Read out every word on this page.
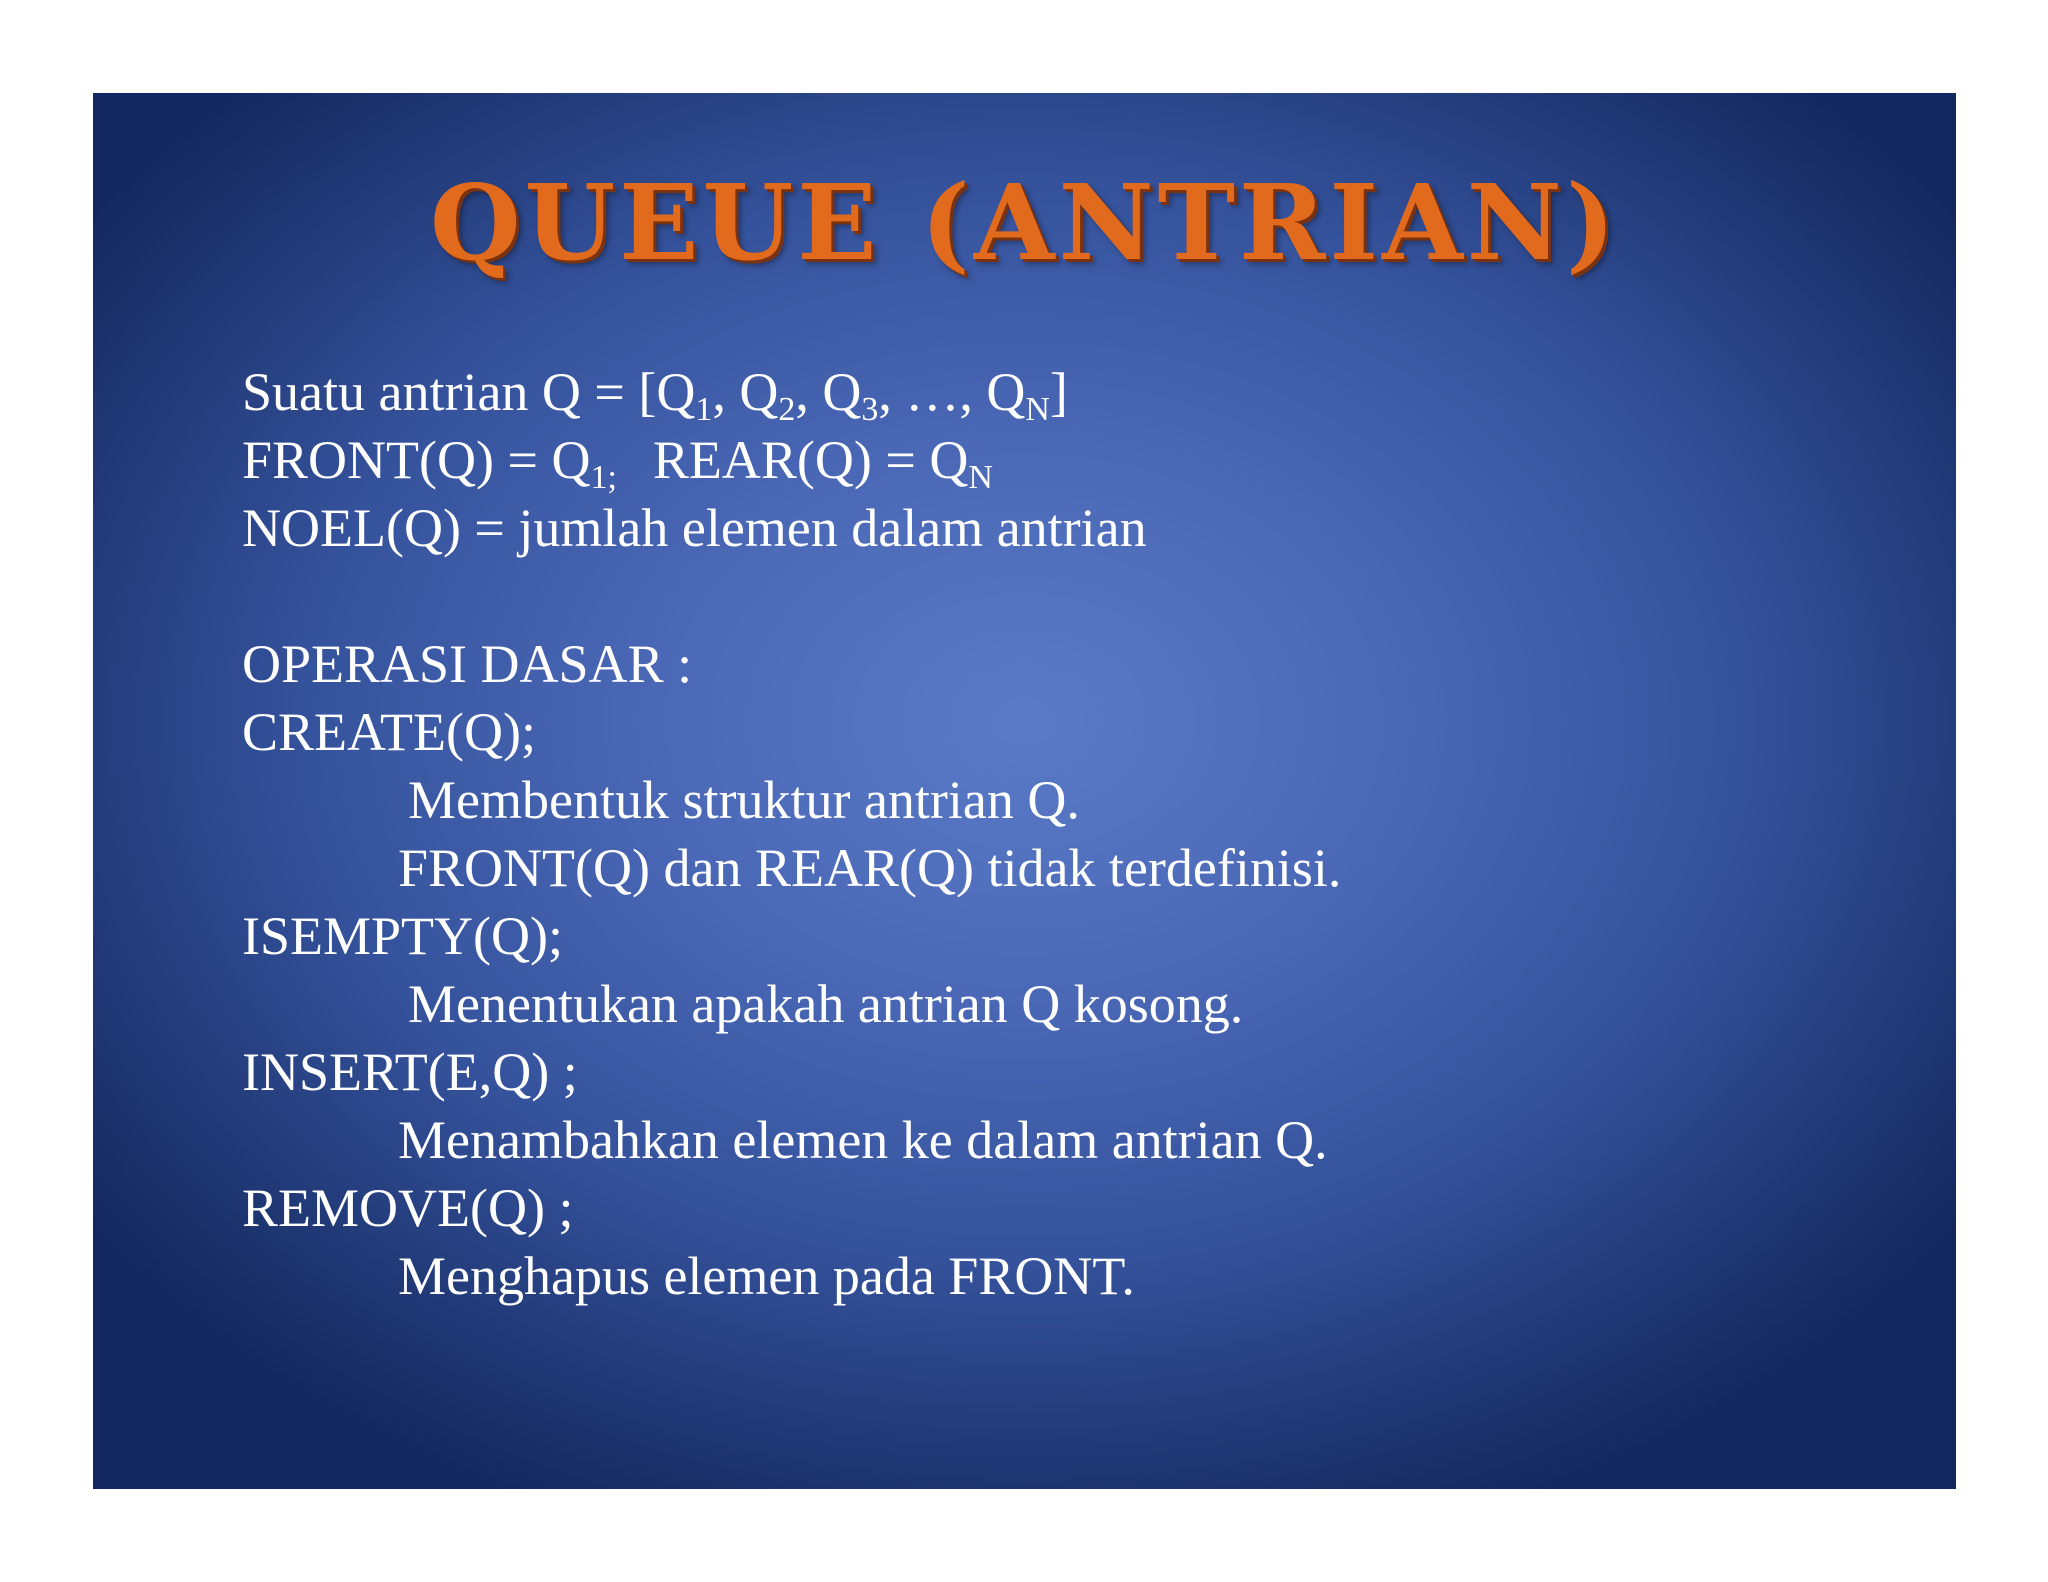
QUEUE (ANTRIAN)
Suatu antrian $Q = [Q_1$, $Q_2$, $Q_3$, …, $Q_N$]
FRONT(Q) = $Q_{1;}$ REAR(Q) = $Q_N$
NOEL(Q) = jumlah elemen dalam antrian
OPERASI DASAR :
CREATE(Q);
Membentuk struktur antrian Q.
FRONT(Q) dan REAR(Q) tidak terdefinisi.
ISEMPTY(Q);
Menentukan apakah antrian Q kosong.
INSERT(E,Q) ;
Menambahkan elemen ke dalam antrian Q.
REMOVE(Q) ;
Menghapus elemen pada FRONT.
